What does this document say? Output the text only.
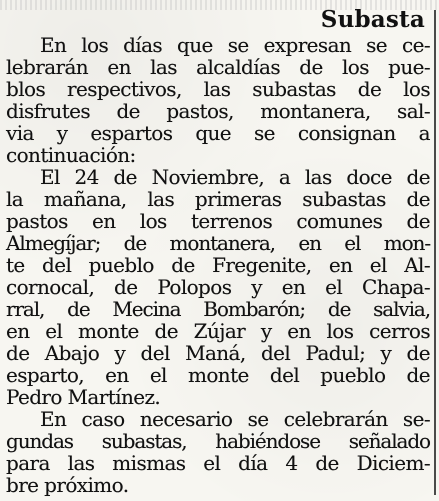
Subasta
En los días que se expresan se ce-
lebrarán en las alcaldías de los pue-
blos respectivos, las subastas de los
disfrutes de pastos, montanera, sal-
via y espartos que se consignan a
continuación:
El 24 de Noviembre, a las doce de
la mañana, las primeras subastas de
pastos en los terrenos comunes de
Almegíjar; de montanera, en el mon-
te del pueblo de Fregenite, en el Al-
cornocal, de Polopos y en el Chapa-
rral, de Mecina Bombarón; de salvia,
en el monte de Zújar y en los cerros
de Abajo y del Maná, del Padul; y de
esparto, en el monte del pueblo de
Pedro Martínez.
En caso necesario se celebrarán se-
gundas subastas, habiéndose señalado
para las mismas el día 4 de Diciem-
bre próximo.
